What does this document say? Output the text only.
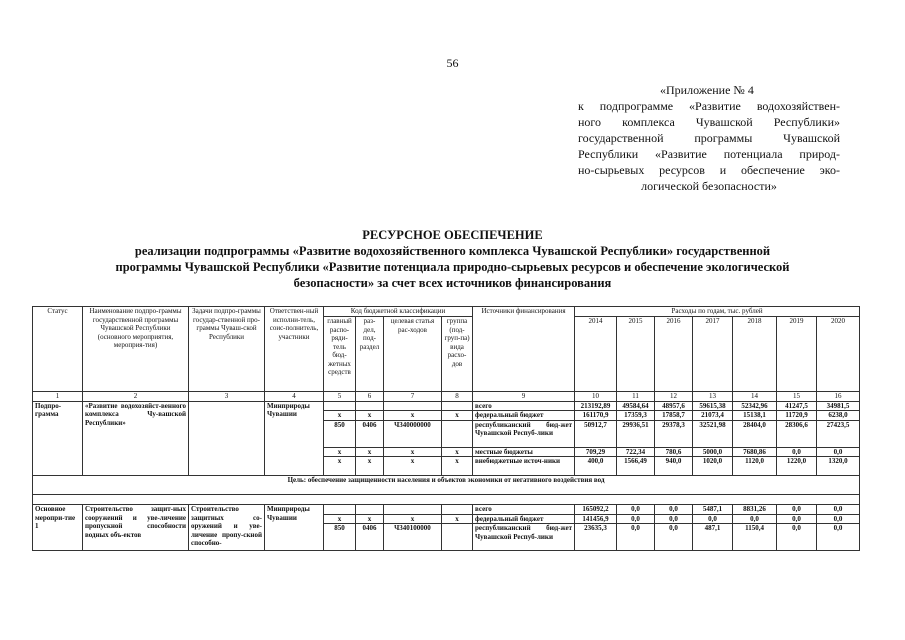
56
«Приложение № 4
к подпрограмме «Развитие водохозяйствен-
ного комплекса Чувашской Республики»
государственной программы Чувашской
Республики «Развитие потенциала природ-
но-сырьевых ресурсов и обеспечение эко-
логической безопасности»
РЕСУРСНОЕ ОБЕСПЕЧЕНИЕ
реализации подпрограммы «Развитие водохозяйственного комплекса Чувашской Республики» государственной
программы Чувашской Республики «Развитие потенциала природно-сырьевых ресурсов и обеспечение экологической
безопасности» за счет всех источников финансирования
Статус	Наименование подпро-граммы государственной программы Чувашской Республики (основного мероприятия, мероприя-тия)	Задачи подпро-граммы государ-ственной про-граммы Чуваш-ской Республики	Ответствен-ный исполни-тель, соис-полнитель, участники	Код бюджетной классификации				Источники финансирования	Расходы по годам, тыс. рублей						
				главный распо-ряди-тель бюд-жетных средств	раз-дел, под-раздел	целевая статья рас-ходов	группа (под-груп-па) вида расхо-дов		2014	2015	2016	2017	2018	2019	2020

1	2	3	4	5	6	7	8	9	10	11	12	13	14	15	16
Подпро-грамма	«Развитие водохозяйст-венного комплекса Чу-вашской Республики»		Минприроды Чувашии					всего	213192,89	49584,64	48957,6	59615,38	52342,96	41247,5	34981,5
				x	x	x	x	федеральный бюджет	161170,9	17359,3	17858,7	21073,4	15138,1	11720,9	6238,0
				850	0406	Ч340000000		республиканский бюд-жет Чувашской Респуб-лики	50912,7	29936,51	29378,3	32521,98	28404,0	28306,6	27423,5
				x	x	x	x	местные бюджеты	709,29	722,34	780,6	5000,0	7680,86	0,0	0,0
				x	x	x	x	внебюджетные источ-ники	400,0	1566,49	940,0	1020,0	1120,0	1220,0	1320,0
Цель: обеспечение защищенности населения и объектов экономики от негативного воздействия вод															

Основное меропри-тие 1	Строительство защит-ных сооружений и уве-личение пропускной способности водных объ-ектов	Строительство защитных со-оружений и уве-личение пропу-скной способно-	Минприроды Чувашии					всего	165092,2	0,0	0,0	5487,1	8831,26	0,0	0,0
				x	x	x	x	федеральный бюджет	141456,9	0,0	0,0	0,0	0,0	0,0	0,0
				850	0406	Ч340100000		республиканский бюд-жет Чувашской Респуб-лики	23635,3	0,0	0,0	487,1	1150,4	0,0	0,0
